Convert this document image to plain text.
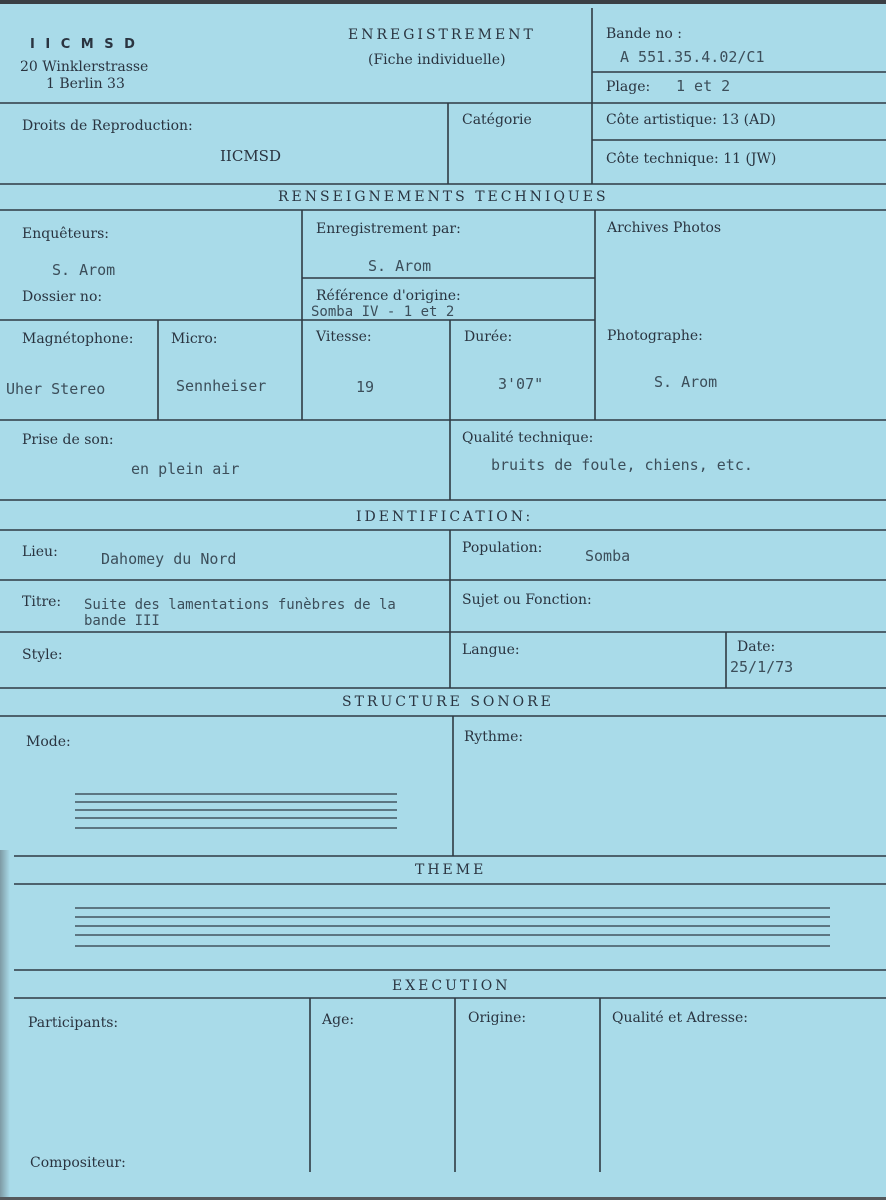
I I C M S D
20 Winklerstrasse
1 Berlin 33
ENREGISTREMENT
(Fiche individuelle)
Bande no :
A 551.35.4.02/C1
Plage: 1 et 2
Droits de Reproduction:
IICMSD
Catégorie	Côte artistique: 13 (AD)
Côte technique: 11 (JW)
RENSEIGNEMENTS TECHNIQUES
Enquêteurs:
S. Arom
Enregistrement par:
S. Arom
Archives Photos
Dossier no:	Référence d'origine:
Somba IV - 1 et 2
Magnétophone:
Uher Stereo
Micro:
Sennheiser
Vitesse:
19
Durée:
3'07"
Photographe:
S. Arom
Prise de son:
en plein air
Qualité technique:
bruits de foule, chiens, etc.
IDENTIFICATION:
Lieu:	Dahomey du Nord
Population:	Somba
Titre: Suite des lamentations funèbres de la
bande III
Sujet ou Fonction:
Style:	Langue:	Date:
25/1/73
STRUCTURE SONORE
Mode:	Rythme:
THEME
EXECUTION
Participants:	Age:	Origine:	Qualité et Adresse:
Compositeur:
